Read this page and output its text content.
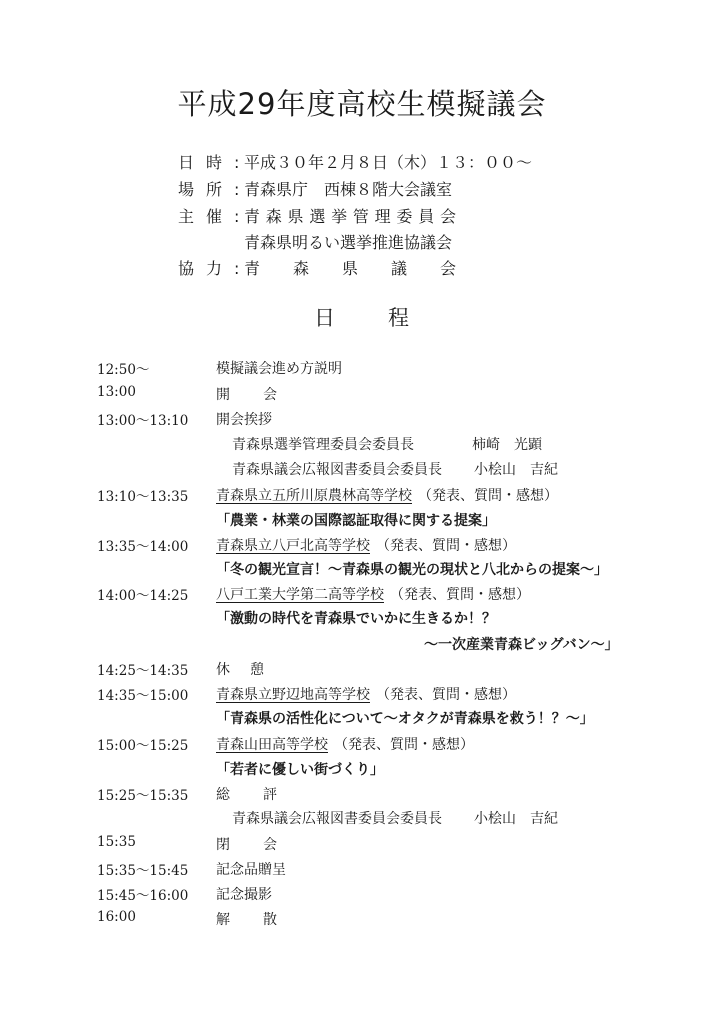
平成29年度高校生模擬議会
日時: 平成３０年２月８日（木）１３：００～
場所: 青森県庁　西棟８階大会議室
主催: 青森県選挙管理委員会
青森県明るい選挙推進協議会
協力: 青森県議会
日 程
12:50～	模擬議会進め方説明
13:00	開会
13:00～13:10 開会挨拶
青森県選挙管理委員会委員長	柿崎　光顕
青森県議会広報図書委員会委員長 小桧山　吉紀
13:10～13:35 青森県立五所川原農林高等学校 （発表、質問・感想）
「農業・林業の国際認証取得に関する提案」
13:35～14:00 青森県立八戸北高等学校 （発表、質問・感想）
「冬の観光宣言！～青森県の観光の現状と八北からの提案～」
14:00～14:25 八戸工業大学第二高等学校 （発表、質問・感想）
「激動の時代を青森県でいかに生きるか！？
～一次産業青森ビッグバン～」
14:25～14:35 休憩
14:35～15:00 青森県立野辺地高等学校 （発表、質問・感想）
「青森県の活性化について～オタクが青森県を救う！？～」
15:00～15:25 青森山田高等学校 （発表、質問・感想）
「若者に優しい街づくり」
15:25～15:35 総評
青森県議会広報図書委員会委員長 小桧山　吉紀
15:35	閉会
15:35～15:45 記念品贈呈
15:45～16:00 記念撮影
16:00	解散
